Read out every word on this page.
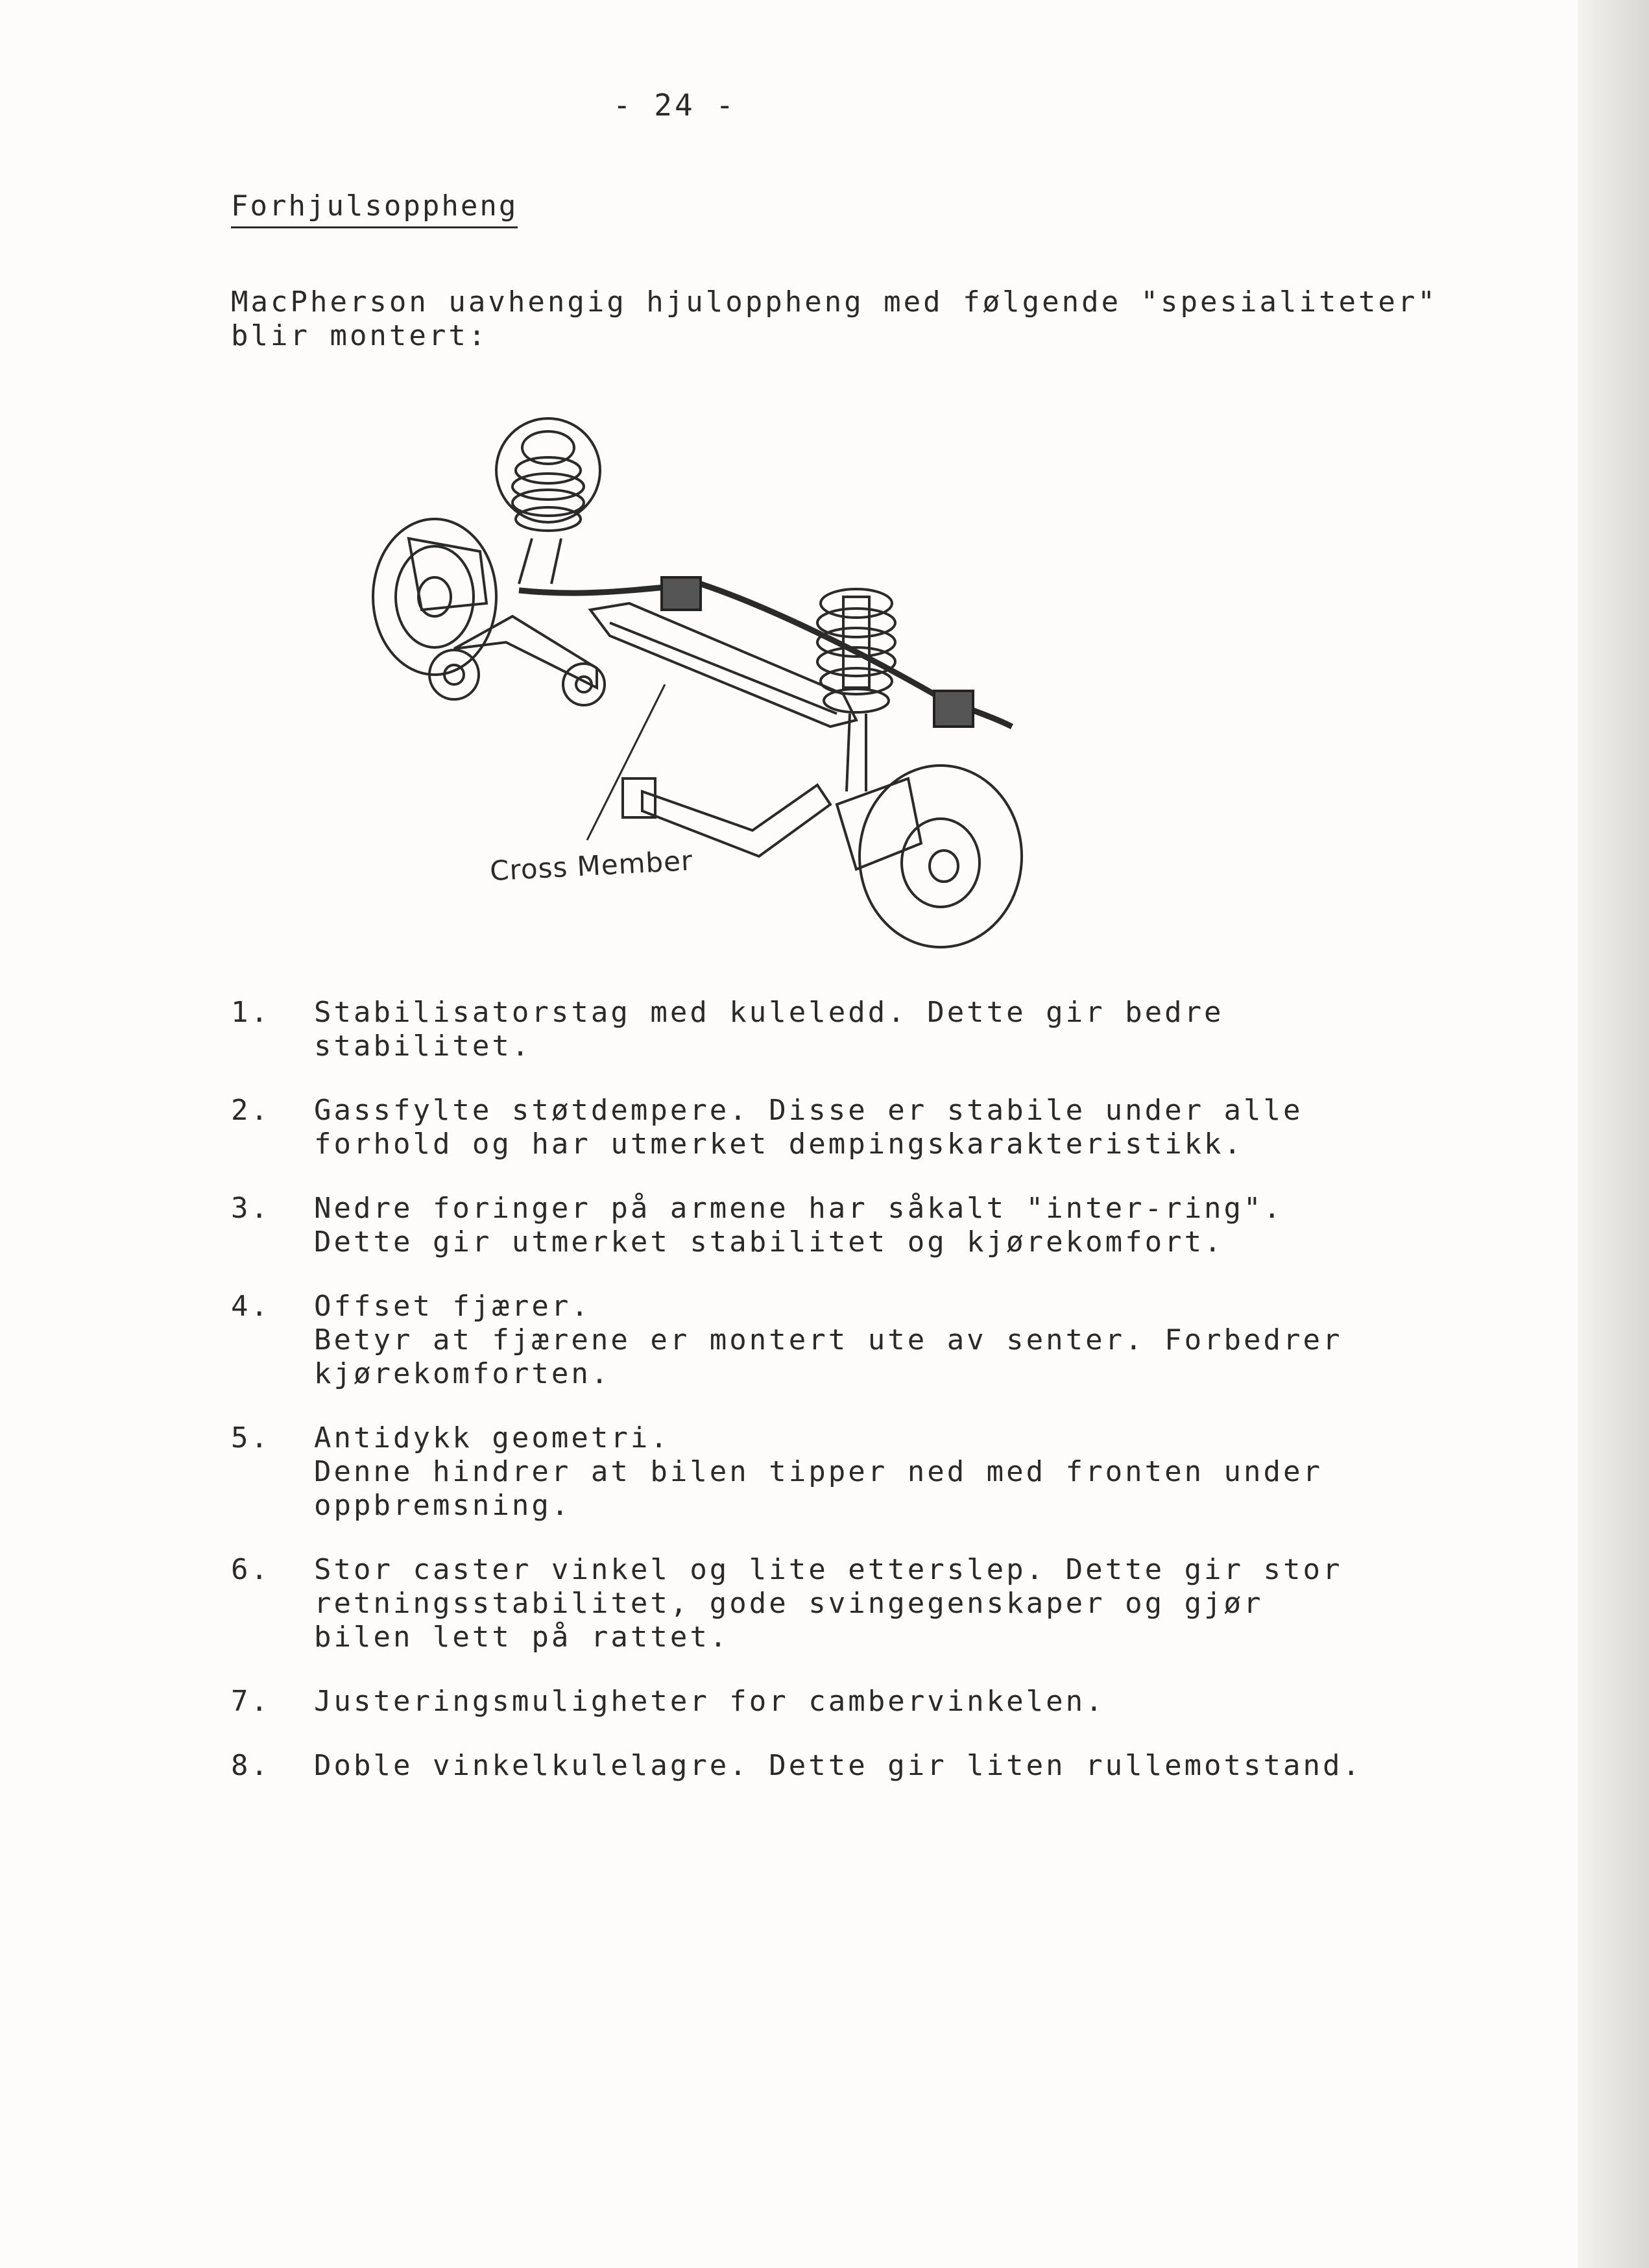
- 24 -
Forhjulsoppheng
MacPherson uavhengig hjuloppheng med følgende "spesialiteter"
blir montert:
Cross Member
1. Stabilisatorstag med kuleledd. Dette gir bedre
stabilitet.
2. Gassfylte støtdempere. Disse er stabile under alle
forhold og har utmerket dempingskarakteristikk.
3. Nedre foringer på armene har såkalt "inter-ring".
Dette gir utmerket stabilitet og kjørekomfort.
4. Offset fjærer.
Betyr at fjærene er montert ute av senter. Forbedrer
kjørekomforten.
5. Antidykk geometri.
Denne hindrer at bilen tipper ned med fronten under
oppbremsning.
6. Stor caster vinkel og lite etterslep. Dette gir stor
retningsstabilitet, gode svingegenskaper og gjør
bilen lett på rattet.
7. Justeringsmuligheter for cambervinkelen.
8. Doble vinkelkulelagre. Dette gir liten rullemotstand.
